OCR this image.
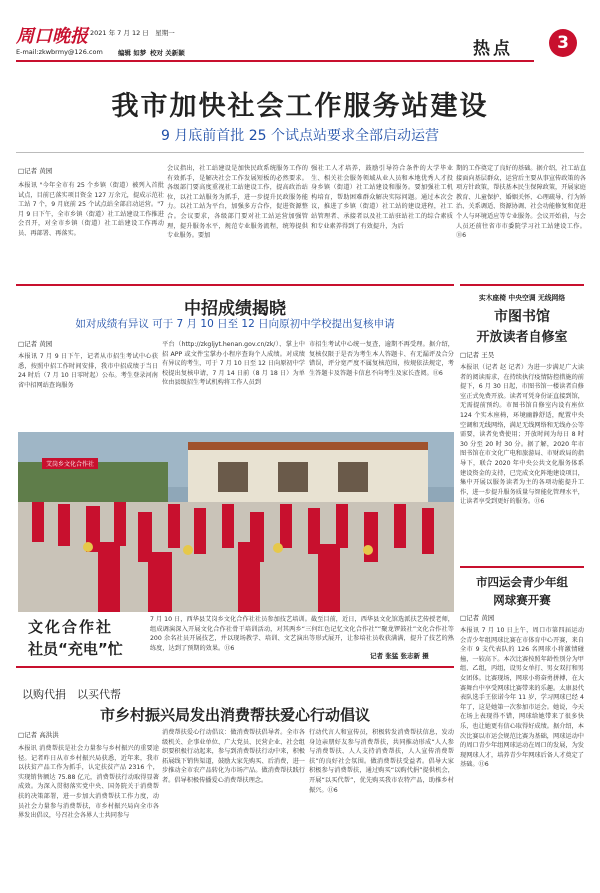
周口晚报 2021 年 7 月 12 日　星期一
E-mail:zkwbrmy@126.com 编辑 如梦 校对 关新颖	热点	3
我市加快社会工作服务站建设
9 月底前首批 25 个试点站要求全部启动运营
□记者 黄园
本报讯 "今年全市有 25 个乡镇（街道）被列入首批试点，目前已落实项目资金 127 万余元，提成示范社工站 7 个，9 月底前 25 个试点站全部启动运营。"7 月 9 日下午，全市乡镇（街道）社工站建设工作推进会召开，对全市乡镇（街道）社工站建设工作再动员、再部署、再落实。
会议指出，社工站建设是加快民政系统服务工作的有效抓手，是解决社会工作发展短板的必然要求。各级部门要高度重视社工站建设工作，提高政治站位，以社工站服务为抓手，进一步提升民政服务能力。以社工站为平台，加强多方合作，促进资源整合。会议要求，各级部门要对社工站运营加强管理，提升服务水平，规范专业服务流程，统筹提供专业服务。要加
强社工人才培养，鼓励引导符合条件的大学毕业生、相关社会服务领域从业人员和本地优秀人才投身乡镇（街道）社工站建设和服务。要加强社工机构培育，帮助困难群众解决实际问题。通过本次会议，推进了乡镇（街道）社工站的建设进程，社工站管理者、承接者以及社工站驻站社工的综合素质和专业素养得到了有效提升，为后
期的工作奠定了良好的基础。据介绍，社工站直接面向基层群众，运营后主要从事宣传政策的各项方针政策，帮扶基本民生保障政策，开展家庭教育、儿童保护、婚姻关怀、心理疏导、行为矫治、关系调适、资源协调、社会功能修复和促进个人与环境适应等专业服务。会议开始前，与会人员还前往省市市委院学习社工站建设工作。⑪6
中招成绩揭晓
如对成绩有异议 可于 7 月 10 日至 12 日向原初中学校提出复核申请
□记者 黄园
本报讯 7 月 9 日下午，记者从市招生考试中心获悉，按照中招工作时间安排，我市中招成绩于当日 24 时后（7 月 10 日零时起）公布。考生登录河南省中招网站查询服务
平台（http://zkgljyt.henan.gov.cn/zk/）、掌上中招 APP 或文件宝掌办小程序查询个人成绩。对成绩有异议的考生，可于 7 月 10 日至 12 日向原初中学校提出复核申请，7 月 14 日前（8 月 18 日）为单位由县级招生考试机构将工作人员到
市招生考试中心统一复查，逾期不再受理。据介绍，复核仅限于是否为考生本人答题卡、有无漏评及合分错误，评分宽严度不属复核范围，按规依法规定，考生答题卡及答题卡信息不向考生及家长查阅。⑪6
艾岗乡文化合作社
文化合作社
社员“充电”忙
7 月 10 日，西华县艾岗乡文化合作社社员参加技艺培训。截至目前，近日，西华县文化馆选派扶艺传授老师，组成调演深入开展文化合作社骨干培训活动，对其两乡“三何红色记忆文化合作社”“聚龙锣鼓社”文化合作社等 200 余名社员开展技艺，并以现场教学、培训、文艺演出等形式展开，让参培社员收获满满，提升了技艺的熟练度，达到了预期的效果。⑪6
记者 张猛 张志新 摄
以购代捐　以买代帮
市乡村振兴局发出消费帮扶爱心行动倡议
□记者 高洪洪
本报讯 消费帮扶是社会力量参与乡村振兴的重要途径。记者昨日从市乡村振兴局获悉，近年来，我市以扶贫产品工作为抓手，认定扶贫产品 2316 个，实现销售额达 75.88 亿元，消费帮扶行动取得显著成效。为深入贯彻落实党中央、国务院关于消费帮扶的决策部署，进一步加大消费帮扶工作力度，动员社会力量参与消费帮扶，市乡村振兴局向全市各界发出倡议，号召社会各界人士共同参与
消费帮扶爱心行动倡议：做消费帮扶倡导者。全市各级机关、企事业单位、广大党员、民营企业、社会组织要积极行动起来，参与到消费帮扶行动中来，积极拓展线下销售渠道，鼓励大家先购买、后消费，进一步推动全市农产品转化为市场产品。做消费帮扶践行者。倡导积极传播爱心消费帮扶理念。
行动代言人和宣传员，积极转发消费帮扶信息，发动身边亲朋好友参与消费帮扶，共同推动形成“人人参与消费帮扶、人人支持消费帮扶，人人宣传消费帮扶”的良好社会氛围。做消费帮扶受益者。倡导大家积极参与消费帮扶，通过购买“以购代捐”提供机会，开展“以买代帮”，优先购买我市农特产品，助推乡村振兴。⑪6
实木座椅 中央空调 无线网络
市图书馆
开放读者自修室
□记者 王昊
本报讯（记者 赵 记者）为进一步满足广大读者的阅读需求，在持续执行疫情防控措施的前提下，6 月 30 日起，市图书馆一楼读者自修室正式免费开放。读者可凭身份证直接到馆，无需提前预约。市图书馆自修室内设有座位 124 个实木座椅，环境幽静舒适，配置中央空调和无线网络，满足无线网络和无线办公等需要，读者免费使用；开放时间为每日 8 时 30 分至 20 时 30 分。据了解，2020 年市图书馆在市文化广电和旅游局、市财政局的指导下，联合 2020 年中央公共文化服务体系建设资金的支持，已完成文化阵地建设项目，集中开展以服务读者为主的各项功能提升工作，进一步提升服务质量与智能化管理水平，让读者享受到更好的服务。⑪6
市四运会青少年组
网球赛开赛
□记者 黄园
本报讯 7 月 10 日上午，周口市第四届运动会青少年组网球比赛在市体育中心开赛，来自全市 9 支代表队的 126 名网球小将激情碰撞，一较高下。本次比赛按照年龄性别分为甲组、乙组，丙组，设男女单打、男女双打和男女团体。比赛现场，网球小将奋勇拼搏，在大赛舞台中享受网球比赛带来的乐趣。太康县代表队选手王依诺今年 11 岁，学习网球已经 4 年了，这是她第一次参加市运会。她说，今天在场上表现得不错，网球给她带来了很多快乐，也让她更有信心取得好成绩。据介绍，本次比赛以市运会规范比赛为基础，网球运动中的周口青少年组网球运动在周口的发展，为发现网球人才，培养青少年网球后备人才奠定了基础。⑪6
